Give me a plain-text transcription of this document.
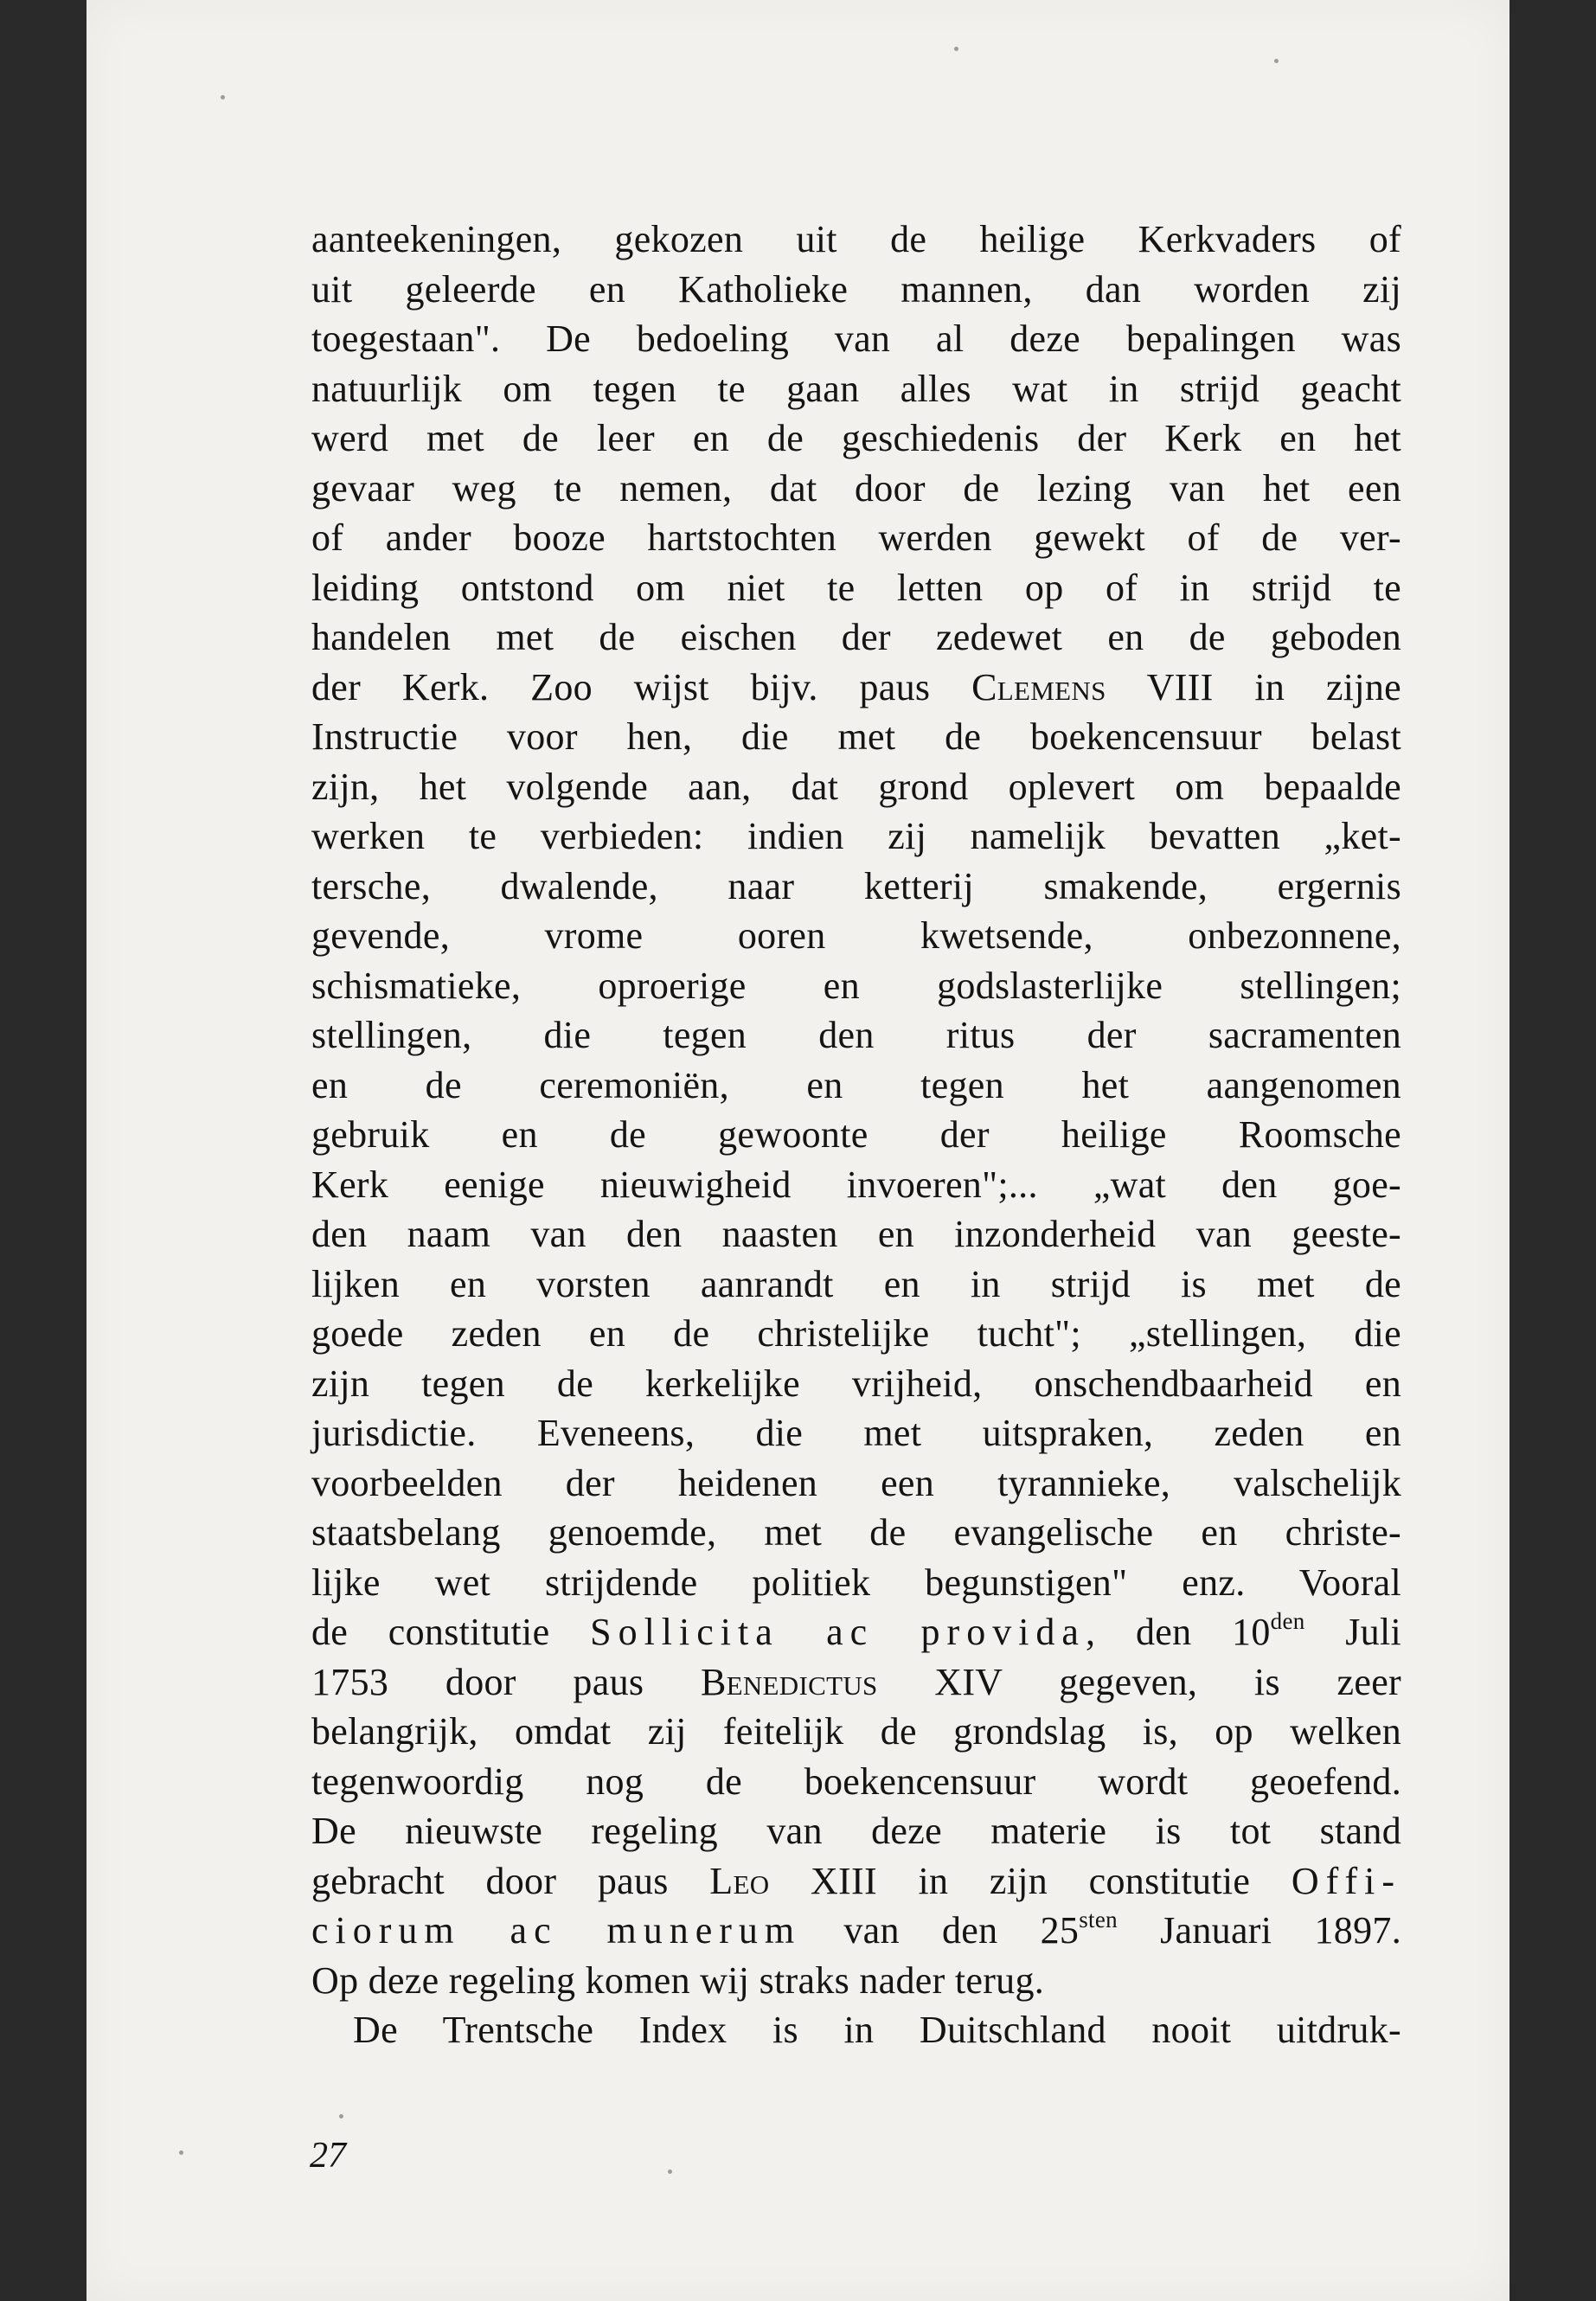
aanteekeningen, gekozen uit de heilige Kerkvaders of
uit geleerde en Katholieke mannen, dan worden zij
toegestaan". De bedoeling van al deze bepalingen was
natuurlijk om tegen te gaan alles wat in strijd geacht
werd met de leer en de geschiedenis der Kerk en het
gevaar weg te nemen, dat door de lezing van het een
of ander booze hartstochten werden gewekt of de ver-
leiding ontstond om niet te letten op of in strijd te
handelen met de eischen der zedewet en de geboden
der Kerk. Zoo wijst bijv. paus Clemens VIII in zijne
Instructie voor hen, die met de boekencensuur belast
zijn, het volgende aan, dat grond oplevert om bepaalde
werken te verbieden: indien zij namelijk bevatten „ket-
tersche, dwalende, naar ketterij smakende, ergernis
gevende, vrome ooren kwetsende, onbezonnene,
schismatieke, oproerige en godslasterlijke stellingen;
stellingen, die tegen den ritus der sacramenten
en de ceremoniën, en tegen het aangenomen
gebruik en de gewoonte der heilige Roomsche
Kerk eenige nieuwigheid invoeren";... „wat den goe-
den naam van den naasten en inzonderheid van geeste-
lijken en vorsten aanrandt en in strijd is met de
goede zeden en de christelijke tucht"; „stellingen, die
zijn tegen de kerkelijke vrijheid, onschendbaarheid en
jurisdictie. Eveneens, die met uitspraken, zeden en
voorbeelden der heidenen een tyrannieke, valschelijk
staatsbelang genoemde, met de evangelische en christe-
lijke wet strijdende politiek begunstigen" enz. Vooral
de constitutie Sollicita ac provida, den $10^{den}$ Juli
1753 door paus Benedictus XIV gegeven, is zeer
belangrijk, omdat zij feitelijk de grondslag is, op welken
tegenwoordig nog de boekencensuur wordt geoefend.
De nieuwste regeling van deze materie is tot stand
gebracht door paus Leo XIII in zijn constitutie Offi-
ciorum ac munerum van den $25^{sten}$ Januari 1897.
Op deze regeling komen wij straks nader terug.
De Trentsche Index is in Duitschland nooit uitdruk-
27
